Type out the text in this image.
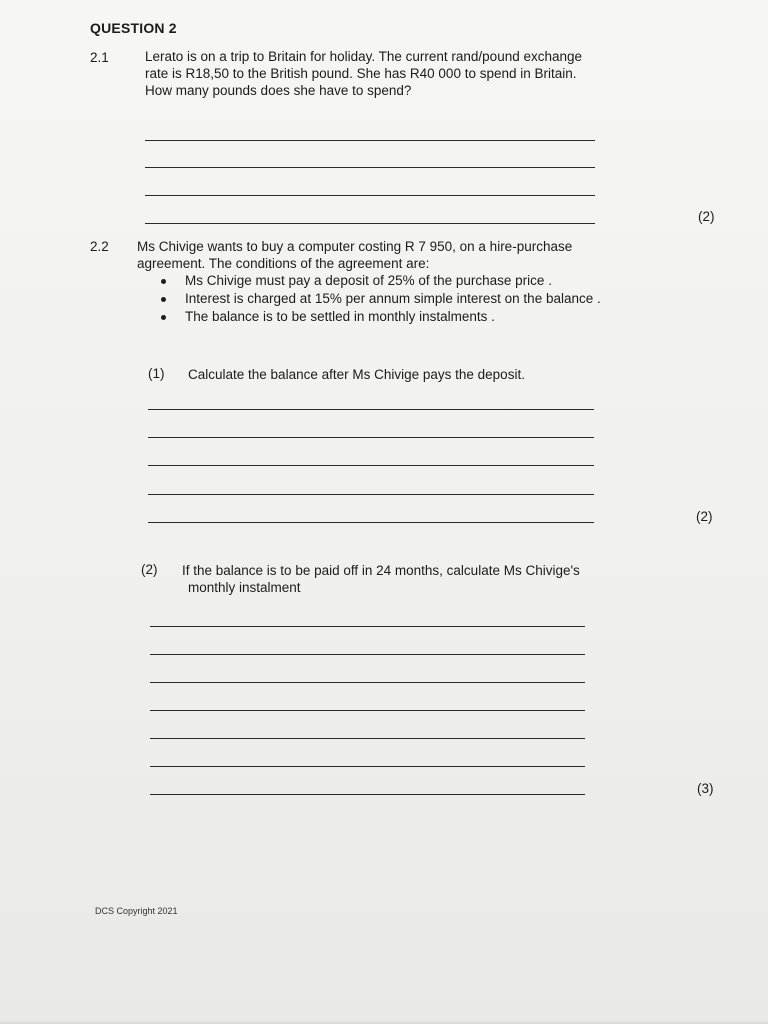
QUESTION 2
2.1	Lerato is on a trip to Britain for holiday. The current rand/pound exchange
rate is R18,50 to the British pound. She has R40 000 to spend in Britain.
How many pounds does she have to spend?
(2)
2.2 Ms Chivige wants to buy a computer costing R 7 950, on a hire-purchase
agreement. The conditions of the agreement are:
Ms Chivige must pay a deposit of 25% of the purchase price .
Interest is charged at 15% per annum simple interest on the balance .
The balance is to be settled in monthly instalments .
(1) Calculate the balance after Ms Chivige pays the deposit.
(2)
(2) If the balance is to be paid off in 24 months, calculate Ms Chivige's
monthly instalment
(3)
DCS Copyright 2021
